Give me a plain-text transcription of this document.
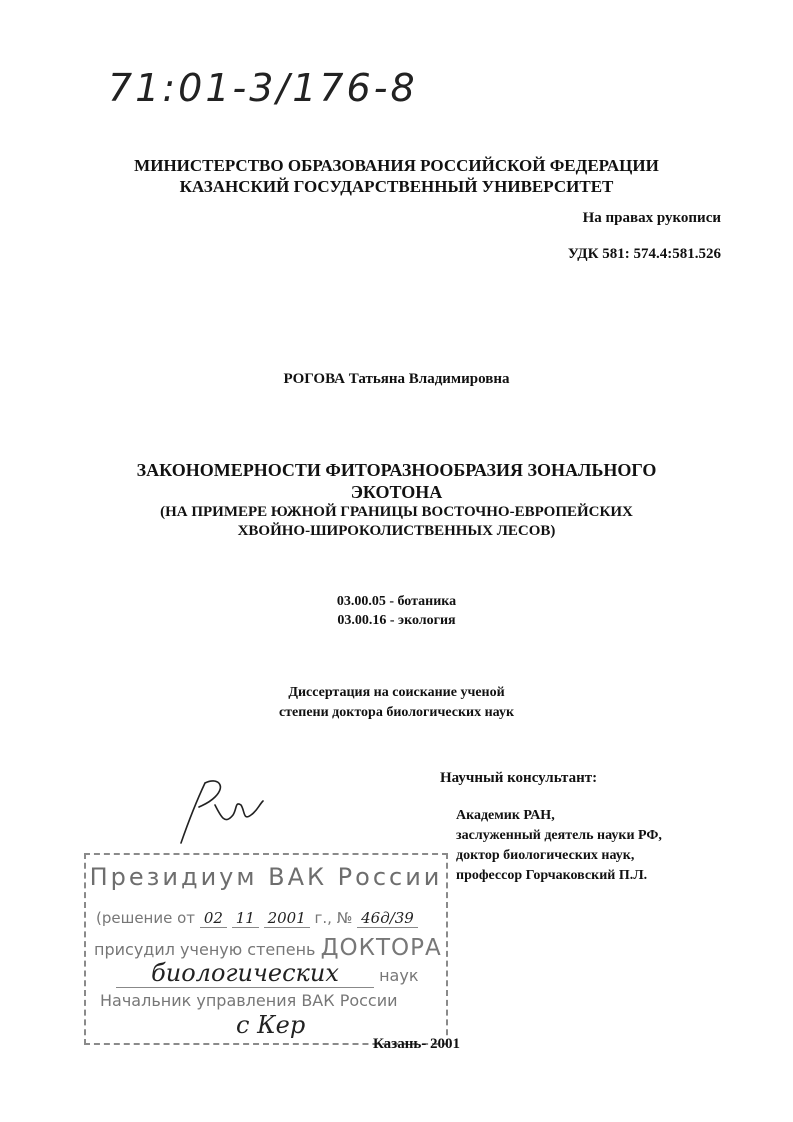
71:01-3/176-8
МИНИСТЕРСТВО ОБРАЗОВАНИЯ РОССИЙСКОЙ ФЕДЕРАЦИИ
КАЗАНСКИЙ ГОСУДАРСТВЕННЫЙ УНИВЕРСИТЕТ
На правах рукописи
УДК 581: 574.4:581.526
РОГОВА Татьяна Владимировна
ЗАКОНОМЕРНОСТИ ФИТОРАЗНООБРАЗИЯ ЗОНАЛЬНОГО
ЭКОТОНА
(НА ПРИМЕРЕ ЮЖНОЙ ГРАНИЦЫ ВОСТОЧНО-ЕВРОПЕЙСКИХ
ХВОЙНО-ШИРОКОЛИСТВЕННЫХ ЛЕСОВ)
03.00.05 - ботаника
03.00.16 - экология
Диссертация на соискание ученой
степени доктора биологических наук
Научный консультант:
Академик РАН,
заслуженный деятель науки РФ,
доктор биологических наук,
профессор Горчаковский П.Л.
Президиум ВАК России
(решение от 02 11 2001 г., № 46д/39
присудил ученую степень ДОКТОРА
биологических	наук
Начальник управления ВАК России
с Кер
Казань- 2001
